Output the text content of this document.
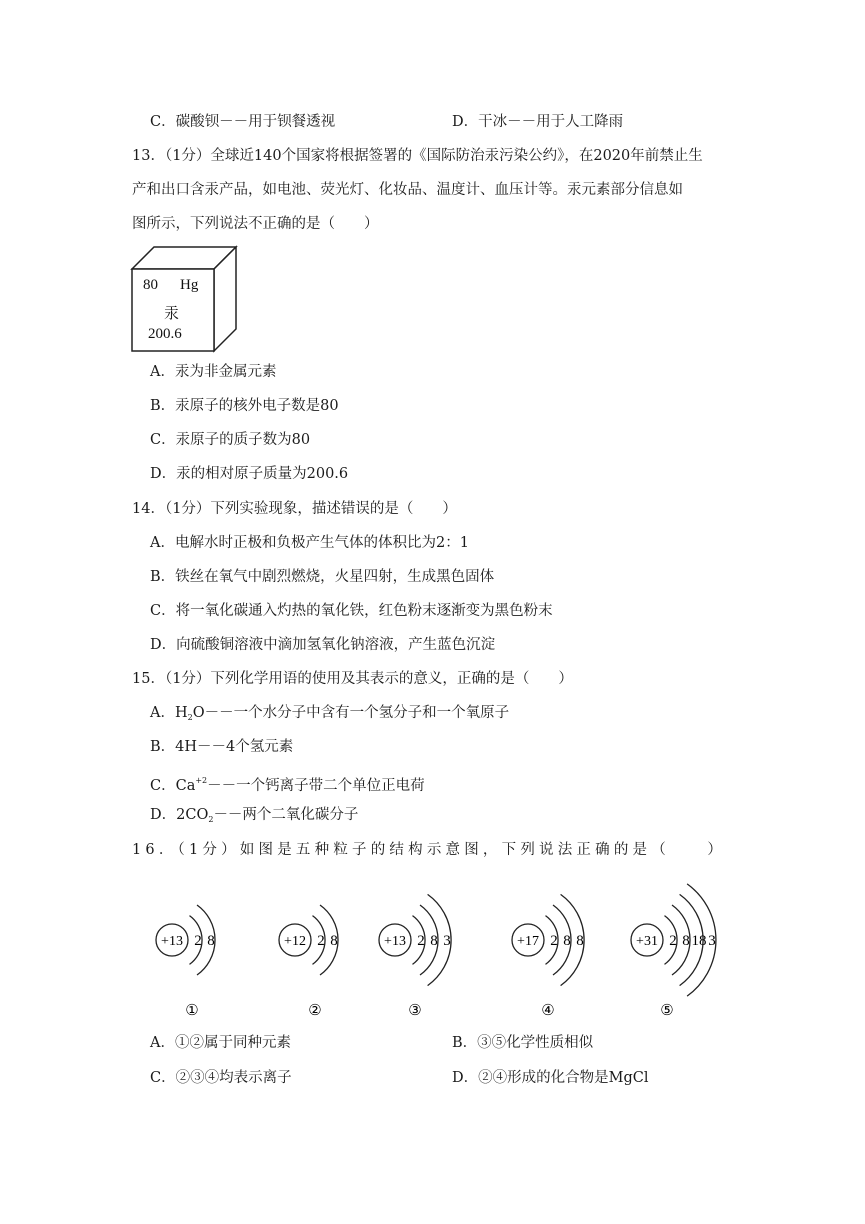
C．碳酸钡－－用于钡餐透视	D．干冰－－用于人工降雨
13．（1分）全球近140个国家将根据签署的《国际防治汞污染公约》，在2020年前禁止生
产和出口含汞产品，如电池、荧光灯、化妆品、温度计、血压计等。汞元素部分信息如
图所示，下列说法不正确的是（　　）
80 Hg
汞
200.6
A．汞为非金属元素
B．汞原子的核外电子数是80
C．汞原子的质子数为80
D．汞的相对原子质量为200.6
14．（1分）下列实验现象，描述错误的是（　　）
A．电解水时正极和负极产生气体的体积比为2：1
B．铁丝在氧气中剧烈燃烧，火星四射，生成黑色固体
C．将一氧化碳通入灼热的氧化铁，红色粉末逐渐变为黑色粉末
D．向硫酸铜溶液中滴加氢氧化钠溶液，产生蓝色沉淀
15．（1分）下列化学用语的使用及其表示的意义，正确的是（　　）
A．$H_2O--$一个水分子中含有一个氢分子和一个氧原子
B．4H－－4个氢元素
C．$Ca^{+2}--$一个钙离子带二个单位正电荷
D．$2CO_2--$两个二氧化碳分子
16．（1分）如图是五种粒子的结构示意图，下列说法正确的是（　　）
+13 2 8
①
+12 2 8
②
+13 2 8 3
③
+17 2 8 8
④
+31 2 8 18 3
⑤
A．①②属于同种元素	B．③⑤化学性质相似
C．②③④均表示离子	D．②④形成的化合物是MgCl
